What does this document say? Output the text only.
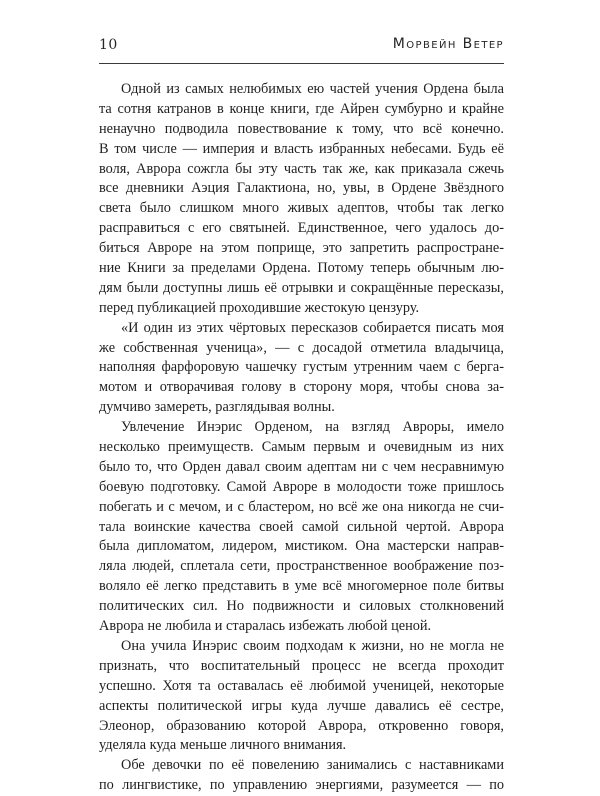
10	Морвейн Ветер
Одной из самых нелюбимых ею частей учения Ордена была
та сотня катранов в конце книги, где Айрен сумбурно и крайне
ненаучно подводила повествование к тому, что всё конечно.
В том числе — империя и власть избранных небесами. Будь её
воля, Аврора сожгла бы эту часть так же, как приказала сжечь
все дневники Аэция Галактиона, но, увы, в Ордене Звёздного
света было слишком много живых адептов, чтобы так легко
расправиться с его святыней. Единственное, чего удалось до-
биться Авроре на этом поприще, это запретить распростране-
ние Книги за пределами Ордена. Потому теперь обычным лю-
дям были доступны лишь её отрывки и сокращённые пересказы,
перед публикацией проходившие жестокую цензуру.
«И один из этих чёртовых пересказов собирается писать моя
же собственная ученица», — с досадой отметила владычица,
наполняя фарфоровую чашечку густым утренним чаем с берга-
мотом и отворачивая голову в сторону моря, чтобы снова за-
думчиво замереть, разглядывая волны.
Увлечение Инэрис Орденом, на взгляд Авроры, имело
несколько преимуществ. Самым первым и очевидным из них
было то, что Орден давал своим адептам ни с чем несравнимую
боевую подготовку. Самой Авроре в молодости тоже пришлось
побегать и с мечом, и с бластером, но всё же она никогда не счи-
тала воинские качества своей самой сильной чертой. Аврора
была дипломатом, лидером, мистиком. Она мастерски направ-
ляла людей, сплетала сети, пространственное воображение поз-
воляло её легко представить в уме всё многомерное поле битвы
политических сил. Но подвижности и силовых столкновений
Аврора не любила и старалась избежать любой ценой.
Она учила Инэрис своим подходам к жизни, но не могла не
признать, что воспитательный процесс не всегда проходит
успешно. Хотя та оставалась её любимой ученицей, некоторые
аспекты политической игры куда лучше давались её сестре,
Элеонор, образованию которой Аврора, откровенно говоря,
уделяла куда меньше личного внимания.
Обе девочки по её повелению занимались с наставниками
по лингвистике, по управлению энергиями, разумеется — по
